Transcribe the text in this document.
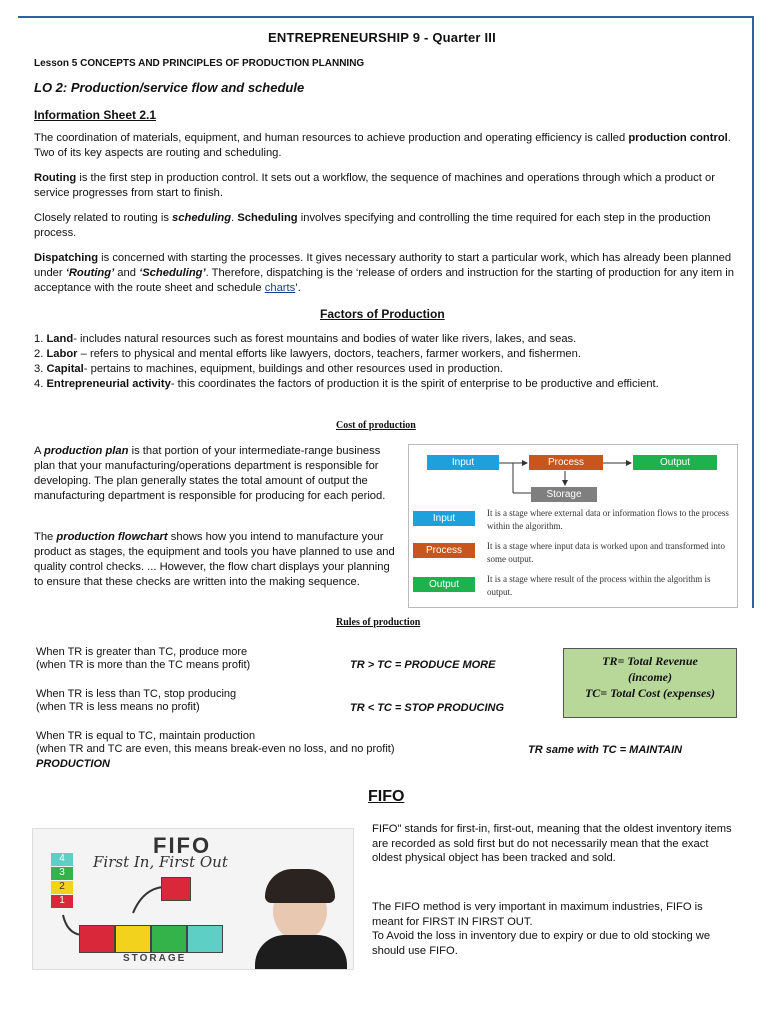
ENTREPRENEURSHIP 9 - Quarter III
Lesson 5 CONCEPTS AND PRINCIPLES OF PRODUCTION PLANNING
LO 2: Production/service flow and schedule
Information Sheet 2.1
The coordination of materials, equipment, and human resources to achieve production and operating efficiency is called production control. Two of its key aspects are routing and scheduling.
Routing is the first step in production control. It sets out a workflow, the sequence of machines and operations through which a product or service progresses from start to finish.
Closely related to routing is scheduling. Scheduling involves specifying and controlling the time required for each step in the production process.
Dispatching is concerned with starting the processes. It gives necessary authority to start a particular work, which has already been planned under ‘Routing’ and ‘Scheduling’. Therefore, dispatching is the ‘release of orders and instruction for the starting of production for any item in acceptance with the route sheet and schedule charts’.
Factors of Production
1. Land- includes natural resources such as forest mountains and bodies of water like rivers, lakes, and seas.
2. Labor – refers to physical and mental efforts like lawyers, doctors, teachers, farmer workers, and fishermen.
3. Capital- pertains to machines, equipment, buildings and other resources used in production.
4. Entrepreneurial activity- this coordinates the factors of production it is the spirit of enterprise to be productive and efficient.
Cost of production
A production plan is that portion of your intermediate-range business plan that your manufacturing/operations department is responsible for developing. The plan generally states the total amount of output the manufacturing department is responsible for producing for each period.
The production flowchart shows how you intend to manufacture your product as stages, the equipment and tools you have planned to use and quality control checks. ... However, the flow chart displays your planning to ensure that these checks are written into the making sequence.
Input	Process	Output
Storage
Input	It is a stage where external data or information flows to the process within the algorithm.
Process	It is a stage where input data is worked upon and transformed into some output.
Output	It is a stage where result of the process within the algorithm is output.
Rules of production
When TR is greater than TC, produce more
(when TR is more than the TC means profit)	TR > TC = PRODUCE MORE
When TR is less than TC, stop producing
(when TR is less means no profit)	TR < TC = STOP PRODUCING
When TR is equal to TC, maintain production
(when TR and TC are even, this means break-even no loss, and no profit)	TR same with TC = MAINTAIN
PRODUCTION
TR= Total Revenue
(income)
TC= Total Cost (expenses)
FIFO
FIFO
First In, First Out
4
3
2
1
STORAGE
FIFO" stands for first-in, first-out, meaning that the oldest inventory items are recorded as sold first but do not necessarily mean that the exact oldest physical object has been tracked and sold.
The FIFO method is very important in maximum industries, FIFO is meant for FIRST IN FIRST OUT.
To Avoid the loss in inventory due to expiry or due to old stocking we should use FIFO.
